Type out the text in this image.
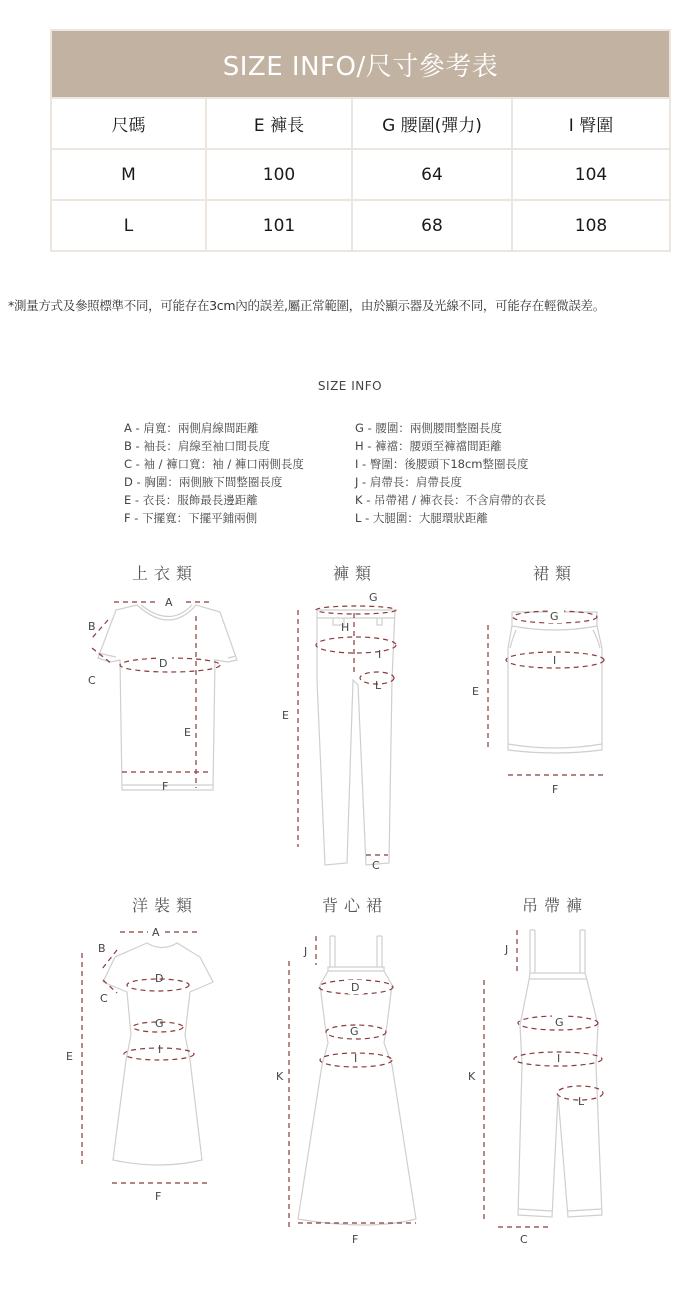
SIZE INFO/尺寸參考表
尺碼	E 褲長	G 腰圍(彈力)	I 臀圍
M	100	64	104
L	101	68	108
*測量方式及參照標準不同，可能存在3cm內的誤差,屬正常範圍，由於顯示器及光線不同，可能存在輕微誤差。
SIZE INFO
A - 肩寬：兩側肩線間距離
B - 袖長：肩線至袖口間長度
C - 袖 / 褲口寬：袖 / 褲口兩側長度
D - 胸圍：兩側腋下間整圈長度
E - 衣長：服飾最長邊距離
F - 下擺寬：下擺平鋪兩側
G - 腰圍：兩側腰間整圈長度
H - 褲襠：腰頭至褲襠間距離
I - 臀圍：後腰頭下18cm整圈長度
J - 肩帶長：肩帶長度
K - 吊帶裙 / 褲衣長：不含肩帶的衣長
L - 大腿圍：大腿環狀距離
上衣類	褲類	裙類
洋裝類	背心裙	吊帶褲
A
B
C
D
E
F
G
H
I
L
E
C
G
I
E
F
A
B
C
D
G
I
E
F
D
G
I
J
K
F
G
I
L
J
K
C
